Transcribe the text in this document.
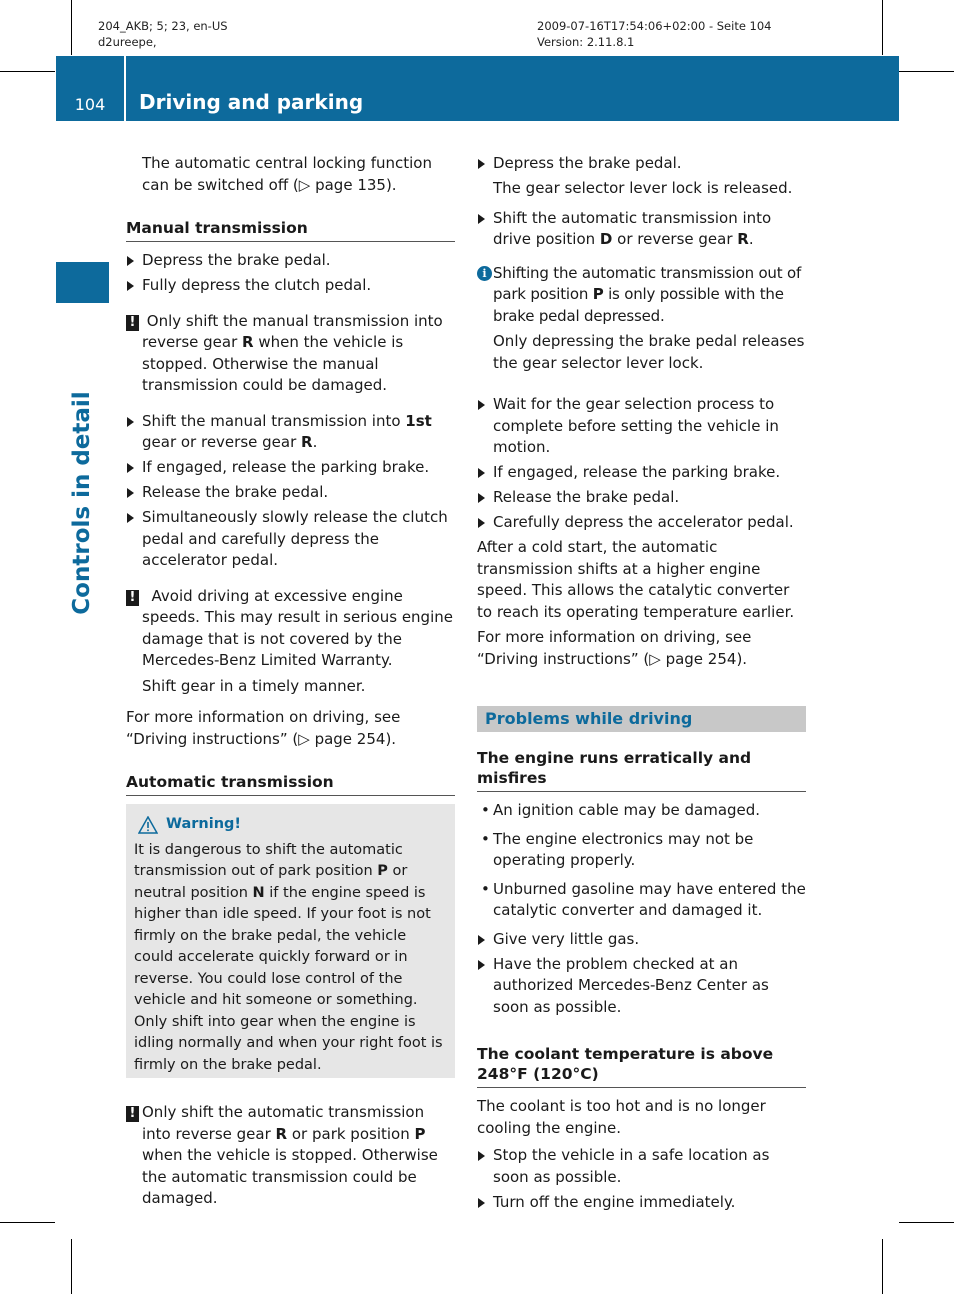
204_AKB; 5; 23, en-US
d2ureepe,
2009-07-16T17:54:06+02:00 - Seite 104
Version: 2.11.8.1
104	Driving and parking
Controls in detail

The automatic central locking function can be switched off (▷ page 135).

Manual transmission
Depress the brake pedal.
Fully depress the clutch pedal.
! Only shift the manual transmission into reverse gear R when the vehicle is stopped. Otherwise the manual transmission could be damaged.

Shift the manual transmission into 1st gear or reverse gear R.
If engaged, release the parking brake.
Release the brake pedal.
Simultaneously slowly release the clutch pedal and carefully depress the accelerator pedal.
!	Avoid driving at excessive engine speeds. This may result in serious engine damage that is not covered by the Mercedes-Benz Limited Warranty.

Shift gear in a timely manner.

For more information on driving, see “Driving instructions” (▷ page 254).

Automatic transmission
Warning!

It is dangerous to shift the automatic transmission out of park position P or neutral position N if the engine speed is higher than idle speed. If your foot is not firmly on the brake pedal, the vehicle could accelerate quickly forward or in reverse. You could lose control of the vehicle and hit someone or something. Only shift into gear when the engine is idling normally and when your right foot is firmly on the brake pedal.

! Only shift the automatic transmission into reverse gear R or park position P when the vehicle is stopped. Otherwise the automatic transmission could be damaged.

Depress the brake pedal.

The gear selector lever lock is released.

Shift the automatic transmission into drive position D or reverse gear R.
i Shifting the automatic transmission out of park position P is only possible with the brake pedal depressed.

Only depressing the brake pedal releases the gear selector lever lock.

Wait for the gear selection process to complete before setting the vehicle in motion.
If engaged, release the parking brake.
Release the brake pedal.
Carefully depress the accelerator pedal.

After a cold start, the automatic transmission shifts at a higher engine speed. This allows the catalytic converter to reach its operating temperature earlier.

For more information on driving, see “Driving instructions” (▷ page 254).

Problems while driving
The engine runs erratically and misfires
• An ignition cable may be damaged.
• The engine electronics may not be operating properly.
• Unburned gasoline may have entered the catalytic converter and damaged it.
Give very little gas.
Have the problem checked at an authorized Mercedes-Benz Center as soon as possible.
The coolant temperature is above 248°F (120°C)

The coolant is too hot and is no longer cooling the engine.

Stop the vehicle in a safe location as soon as possible.
Turn off the engine immediately.
